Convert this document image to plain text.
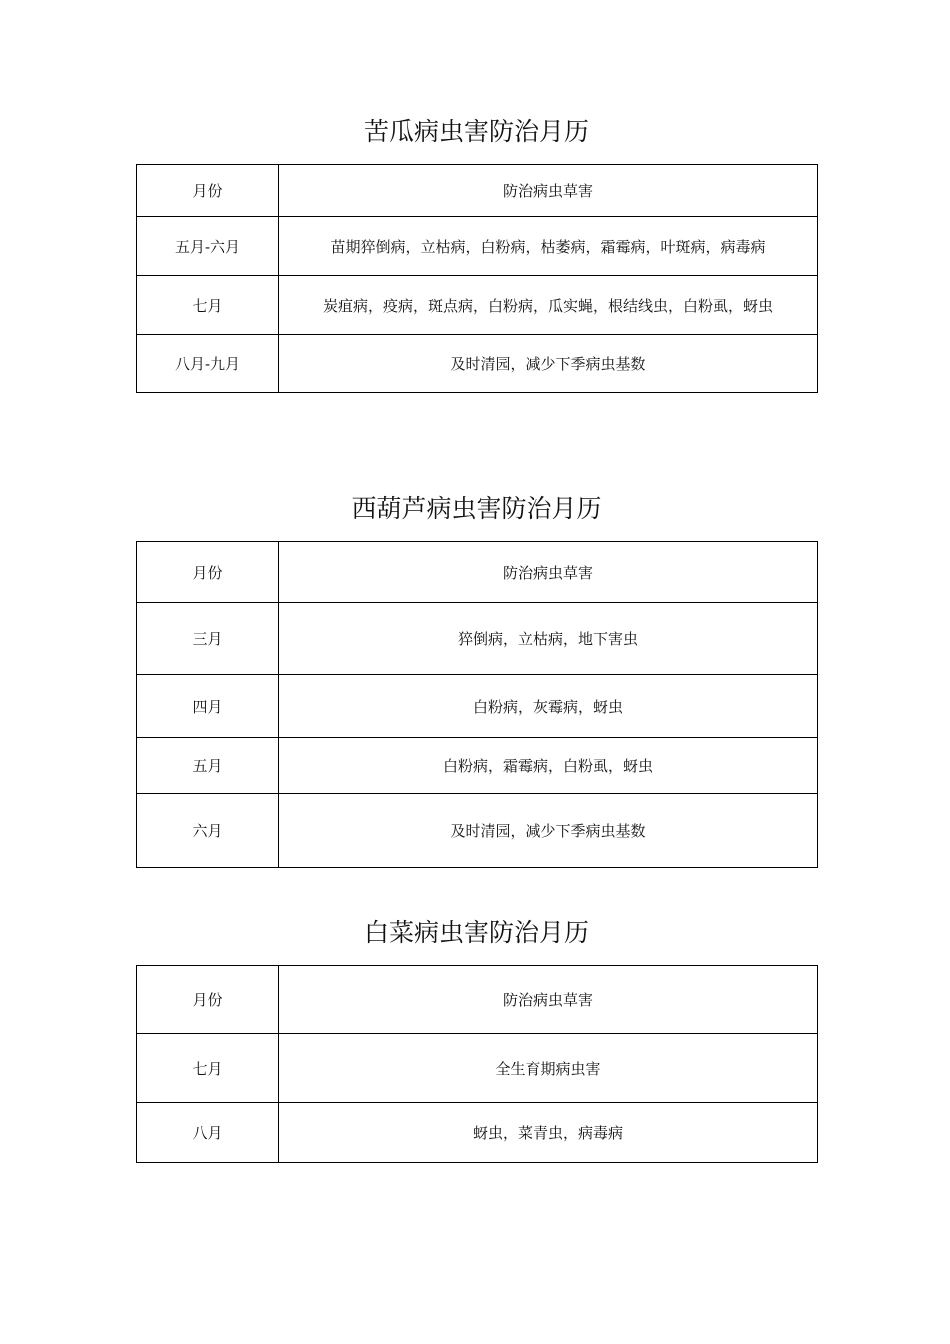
苦瓜病虫害防治月历
月份	防治病虫草害
五月-六月	苗期猝倒病，立枯病，白粉病，枯萎病，霜霉病，叶斑病，病毒病
七月	炭疽病，疫病，斑点病，白粉病，瓜实蝇，根结线虫，白粉虱，蚜虫
八月-九月	及时清园，减少下季病虫基数
西葫芦病虫害防治月历
月份	防治病虫草害
三月	猝倒病，立枯病，地下害虫
四月	白粉病，灰霉病，蚜虫
五月	白粉病，霜霉病，白粉虱，蚜虫
六月	及时清园，减少下季病虫基数
白菜病虫害防治月历
月份	防治病虫草害
七月	全生育期病虫害
八月	蚜虫，菜青虫，病毒病
